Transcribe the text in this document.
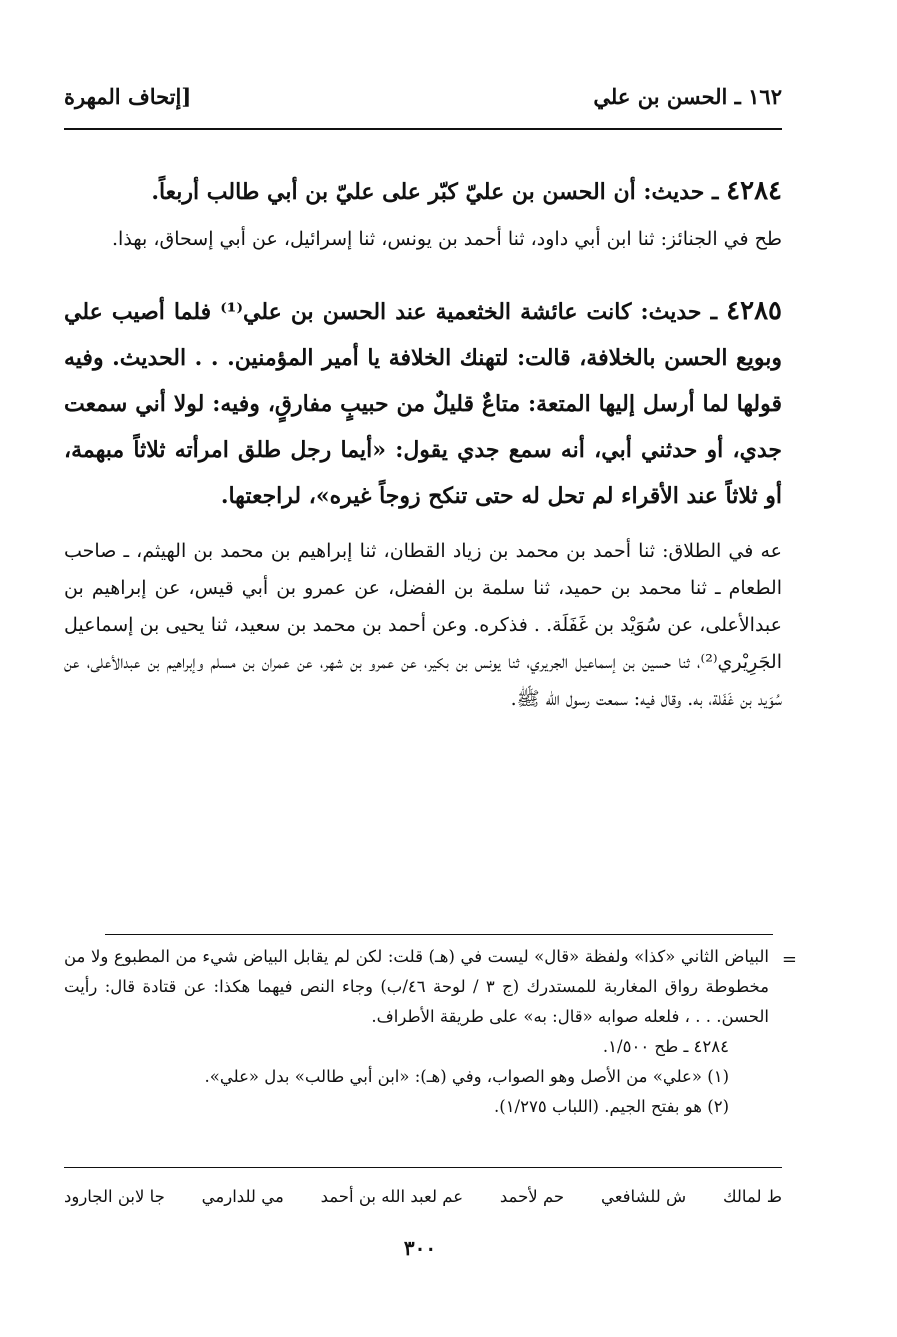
١٦٢ ـ الحسن بن علي
[إتحاف المهرة

٤٢٨٤ ـ حديث: أن الحسن بن عليّ كبّر على عليّ بن أبي طالب أربعاً.

طح في الجنائز: ثنا ابن أبي داود، ثنا أحمد بن يونس، ثنا إسرائيل، عن أبي إسحاق، بهذا.

٤٢٨٥ ـ حديث: كانت عائشة الخثعمية عند الحسن بن علي⁽¹⁾ فلما أصيب علي وبويع الحسن بالخلافة، قالت: لتهنك الخلافة يا أمير المؤمنين. . . الحديث. وفيه قولها لما أرسل إليها المتعة: متاعٌ قليلٌ من حبيبٍ مفارقٍ، وفيه: لولا أني سمعت جدي، أو حدثني أبي، أنه سمع جدي يقول: «أيما رجل طلق امرأته ثلاثاً مبهمة، أو ثلاثاً عند الأقراء لم تحل له حتى تنكح زوجاً غيره»، لراجعتها.

عه في الطلاق: ثنا أحمد بن محمد بن زياد القطان، ثنا إبراهيم بن محمد بن الهيثم، ـ صاحب الطعام ـ ثنا محمد بن حميد، ثنا سلمة بن الفضل، عن عمرو بن أبي قيس، عن إبراهيم بن عبدالأعلى، عن سُوَيْد بن غَفَلَة. . فذكره. وعن أحمد بن محمد بن سعيد، ثنا يحيى بن إسماعيل الجَرِيْري⁽²⁾، ثنا حسين بن إسماعيل الجريري، ثنا يونس بن بكير، عن عمرو بن شهر، عن عمران بن مسلم وإبراهيم بن عبدالأعلى، عن سُوَيد بن غَفَلة، به. وقال فيه: سمعت رسول الله ﷺ.

=

البياض الثاني «كذا» ولفظة «قال» ليست في (هـ) قلت: لكن لم يقابل البياض شيء من المطبوع ولا من مخطوطة رواق المغاربة للمستدرك (ج ٣ / لوحة ٤٦/ب) وجاء النص فيهما هكذا: عن قتادة قال: رأيت الحسن. . . ، فلعله صوابه «قال: به» على طريقة الأطراف.

٤٢٨٤ ـ طح ١/٥٠٠.

(١) «علي» من الأصل وهو الصواب، وفي (هـ): «ابن أبي طالب» بدل «علي».

(٢) هو بفتح الجيم. (اللباب ١/٢٧٥).

ط لمالك
ش للشافعي
حم لأحمد
عم لعبد الله بن أحمد
مي للدارمي
جا لابن الجارود
٣٠٠
